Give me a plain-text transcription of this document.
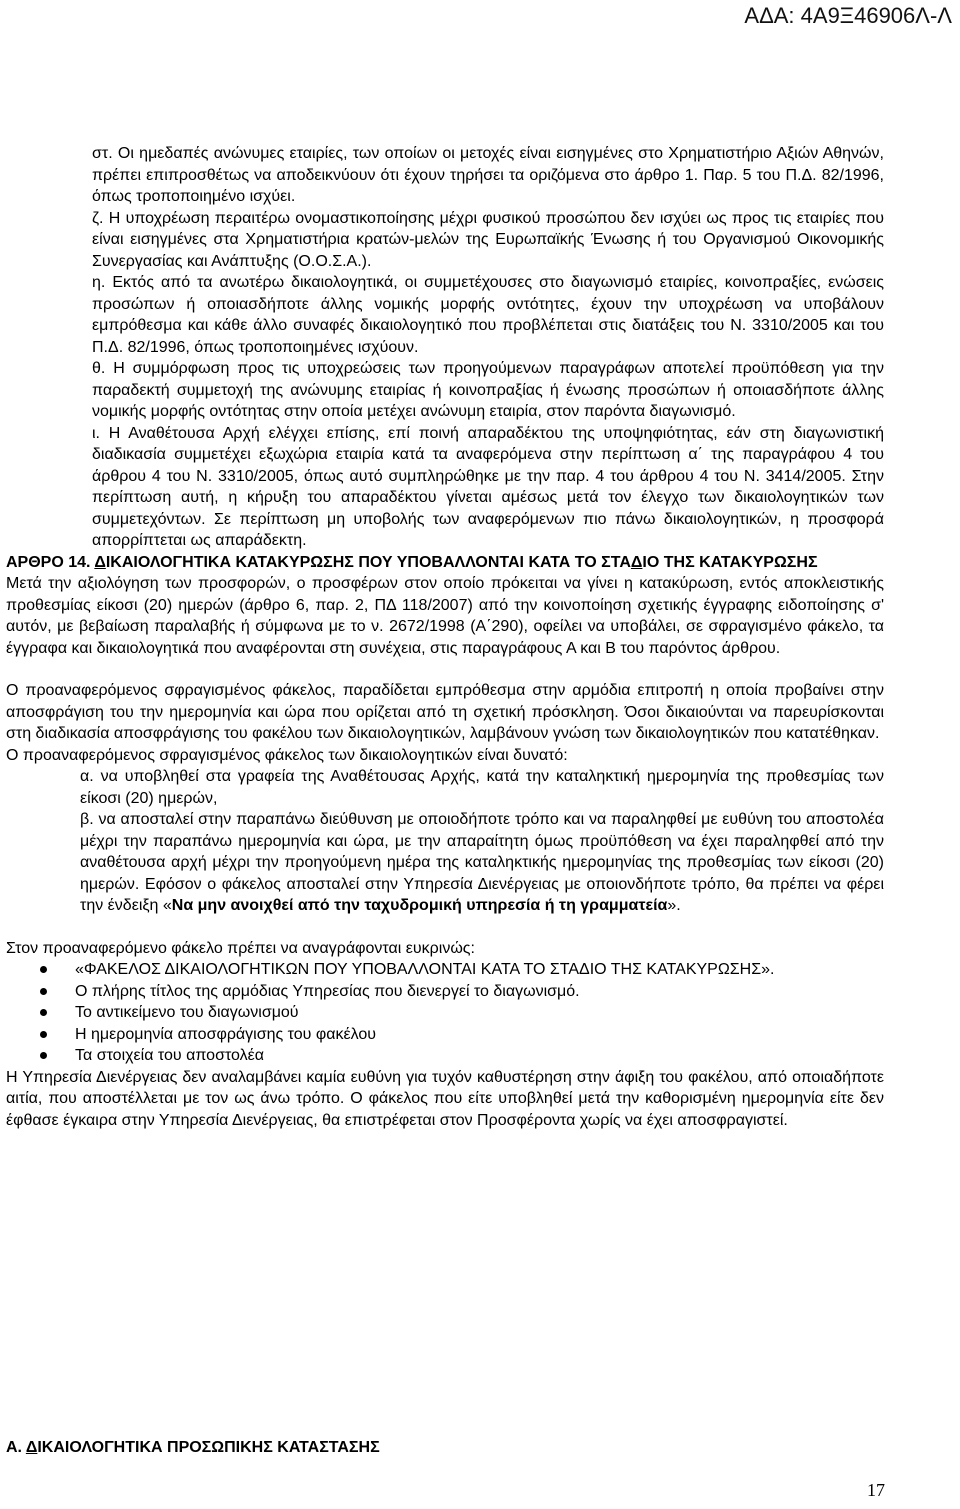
ΑΔΑ: 4Α9Ξ46906Λ-Λ

στ. Οι ημεδαπές ανώνυμες εταιρίες, των οποίων οι μετοχές είναι εισηγμένες στο Χρηματιστήριο Αξιών Αθηνών, πρέπει επιπροσθέτως να αποδεικνύουν ότι έχουν τηρήσει τα οριζόμενα στο άρθρο 1. Παρ. 5 του Π.Δ. 82/1996, όπως τροποποιημένο ισχύει.

ζ. Η υποχρέωση περαιτέρω ονομαστικοποίησης μέχρι φυσικού προσώπου δεν ισχύει ως προς τις εταιρίες που είναι εισηγμένες στα Χρηματιστήρια κρατών-μελών της Ευρωπαϊκής Ένωσης ή του Οργανισμού Οικονομικής Συνεργασίας και Ανάπτυξης (Ο.Ο.Σ.Α.).

η. Εκτός από τα ανωτέρω δικαιολογητικά, οι συμμετέχουσες στο διαγωνισμό εταιρίες, κοινοπραξίες, ενώσεις προσώπων ή οποιασδήποτε άλλης νομικής μορφής οντότητες, έχουν την υποχρέωση να υποβάλουν εμπρόθεσμα και κάθε άλλο συναφές δικαιολογητικό που προβλέπεται στις διατάξεις του Ν. 3310/2005 και του Π.Δ. 82/1996, όπως τροποποιημένες ισχύουν.

θ. Η συμμόρφωση προς τις υποχρεώσεις των προηγούμενων παραγράφων αποτελεί προϋπόθεση για την παραδεκτή συμμετοχή της ανώνυμης εταιρίας ή κοινοπραξίας ή ένωσης προσώπων ή οποιασδήποτε άλλης νομικής μορφής οντότητας στην οποία μετέχει ανώνυμη εταιρία, στον παρόντα διαγωνισμό.

ι. Η Αναθέτουσα Αρχή ελέγχει επίσης, επί ποινή απαραδέκτου της υποψηφιότητας, εάν στη διαγωνιστική διαδικασία συμμετέχει εξωχώρια εταιρία κατά τα αναφερόμενα στην περίπτωση α΄ της παραγράφου 4 του άρθρου 4 του Ν. 3310/2005, όπως αυτό συμπληρώθηκε με την παρ. 4 του άρθρου 4 του Ν. 3414/2005. Στην περίπτωση αυτή, η κήρυξη του απαραδέκτου γίνεται αμέσως μετά τον έλεγχο των δικαιολογητικών των συμμετεχόντων. Σε περίπτωση μη υποβολής των αναφερόμενων πιο πάνω δικαιολογητικών, η προσφορά απορρίπτεται ως απαράδεκτη.

ΑΡΘΡΟ 14. ΔΙΚΑΙΟΛΟΓΗΤΙΚΑ ΚΑΤΑΚΥΡΩΣΗΣ ΠΟΥ ΥΠΟΒΑΛΛΟΝΤΑΙ ΚΑΤΑ ΤΟ ΣΤΑΔΙΟ ΤΗΣ ΚΑΤΑΚΥΡΩΣΗΣ

Μετά την αξιολόγηση των προσφορών, ο προσφέρων στον οποίο πρόκειται να γίνει η κατακύρωση, εντός αποκλειστικής προθεσμίας είκοσι (20) ημερών (άρθρο 6, παρ. 2, ΠΔ 118/2007) από την κοινοποίηση σχετικής έγγραφης ειδοποίησης σ' αυτόν, με βεβαίωση παραλαβής ή σύμφωνα με το ν. 2672/1998 (Α΄290), οφείλει να υποβάλει, σε σφραγισμένο φάκελο, τα έγγραφα και δικαιολογητικά που αναφέρονται στη συνέχεια, στις παραγράφους Α και Β του παρόντος άρθρου.

Ο προαναφερόμενος σφραγισμένος φάκελος, παραδίδεται εμπρόθεσμα στην αρμόδια επιτροπή η οποία προβαίνει στην αποσφράγιση του την ημερομηνία και ώρα που ορίζεται από τη σχετική πρόσκληση. Όσοι δικαιούνται να παρευρίσκονται στη διαδικασία αποσφράγισης του φακέλου των δικαιολογητικών, λαμβάνουν γνώση των δικαιολογητικών που κατατέθηκαν.

Ο προαναφερόμενος σφραγισμένος φάκελος των δικαιολογητικών είναι δυνατό:

α. να υποβληθεί στα γραφεία της Αναθέτουσας Αρχής, κατά την καταληκτική ημερομηνία της προθεσμίας των είκοσι (20) ημερών,

β. να αποσταλεί στην παραπάνω διεύθυνση με οποιοδήποτε τρόπο και να παραληφθεί με ευθύνη του αποστολέα μέχρι την παραπάνω ημερομηνία και ώρα, με την απαραίτητη όμως προϋπόθεση να έχει παραληφθεί από την αναθέτουσα αρχή μέχρι την προηγούμενη ημέρα της καταληκτικής ημερομηνίας της προθεσμίας των είκοσι (20) ημερών. Εφόσον ο φάκελος αποσταλεί στην Υπηρεσία Διενέργειας με οποιονδήποτε τρόπο, θα πρέπει να φέρει την ένδειξη «Να μην ανοιχθεί από την ταχυδρομική υπηρεσία ή τη γραμματεία».

Στον προαναφερόμενο φάκελο πρέπει να αναγράφονται ευκρινώς:

«ΦΑΚΕΛΟΣ ΔΙΚΑΙΟΛΟΓΗΤΙΚΩΝ ΠΟΥ ΥΠΟΒΑΛΛΟΝΤΑΙ ΚΑΤΑ ΤΟ ΣΤΑΔΙΟ ΤΗΣ ΚΑΤΑΚΥΡΩΣΗΣ».
Ο πλήρης τίτλος της αρμόδιας Υπηρεσίας που διενεργεί το διαγωνισμό.
Το αντικείμενο του διαγωνισμού
Η ημερομηνία αποσφράγισης του φακέλου
Τα στοιχεία του αποστολέα

Η Υπηρεσία Διενέργειας δεν αναλαμβάνει καμία ευθύνη για τυχόν καθυστέρηση στην άφιξη του φακέλου, από οποιαδήποτε αιτία, που αποστέλλεται με τον ως άνω τρόπο. Ο φάκελος που είτε υποβληθεί μετά την καθορισμένη ημερομηνία είτε δεν έφθασε έγκαιρα στην Υπηρεσία Διενέργειας, θα επιστρέφεται στον Προσφέροντα χωρίς να έχει αποσφραγιστεί.

Α. ΔΙΚΑΙΟΛΟΓΗΤΙΚΑ ΠΡΟΣΩΠΙΚΗΣ ΚΑΤΑΣΤΑΣΗΣ
17
